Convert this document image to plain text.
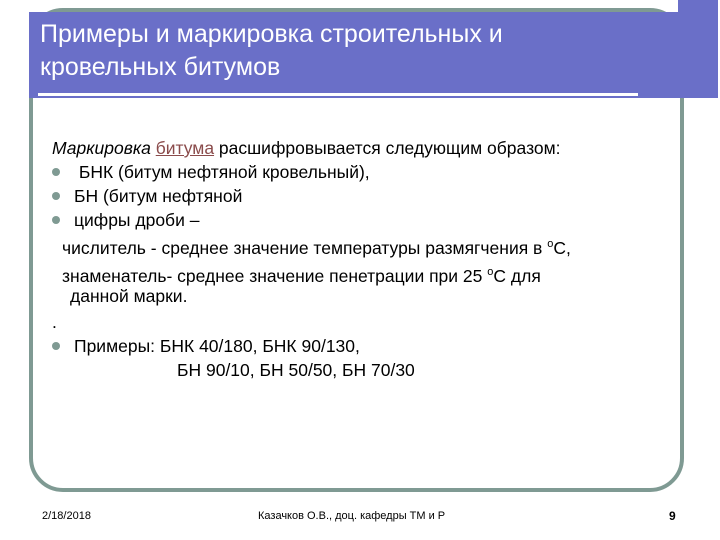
Примеры и маркировка строительных и
кровельных битумов
Маркировка битума расшифровывается следующим образом:
БНК (битум нефтяной кровельный),
БН (битум нефтяной
цифры дроби –
числитель - среднее значение температуры размягчения в $^о$С,
знаменатель- среднее значение пенетрации при 25 $^о$С для
данной марки.
.
Примеры: БНК 40/180, БНК 90/130,
БН 90/10, БН 50/50, БН 70/30
2/18/2018	Казачков О.В., доц. кафедры ТМ и Р	9
